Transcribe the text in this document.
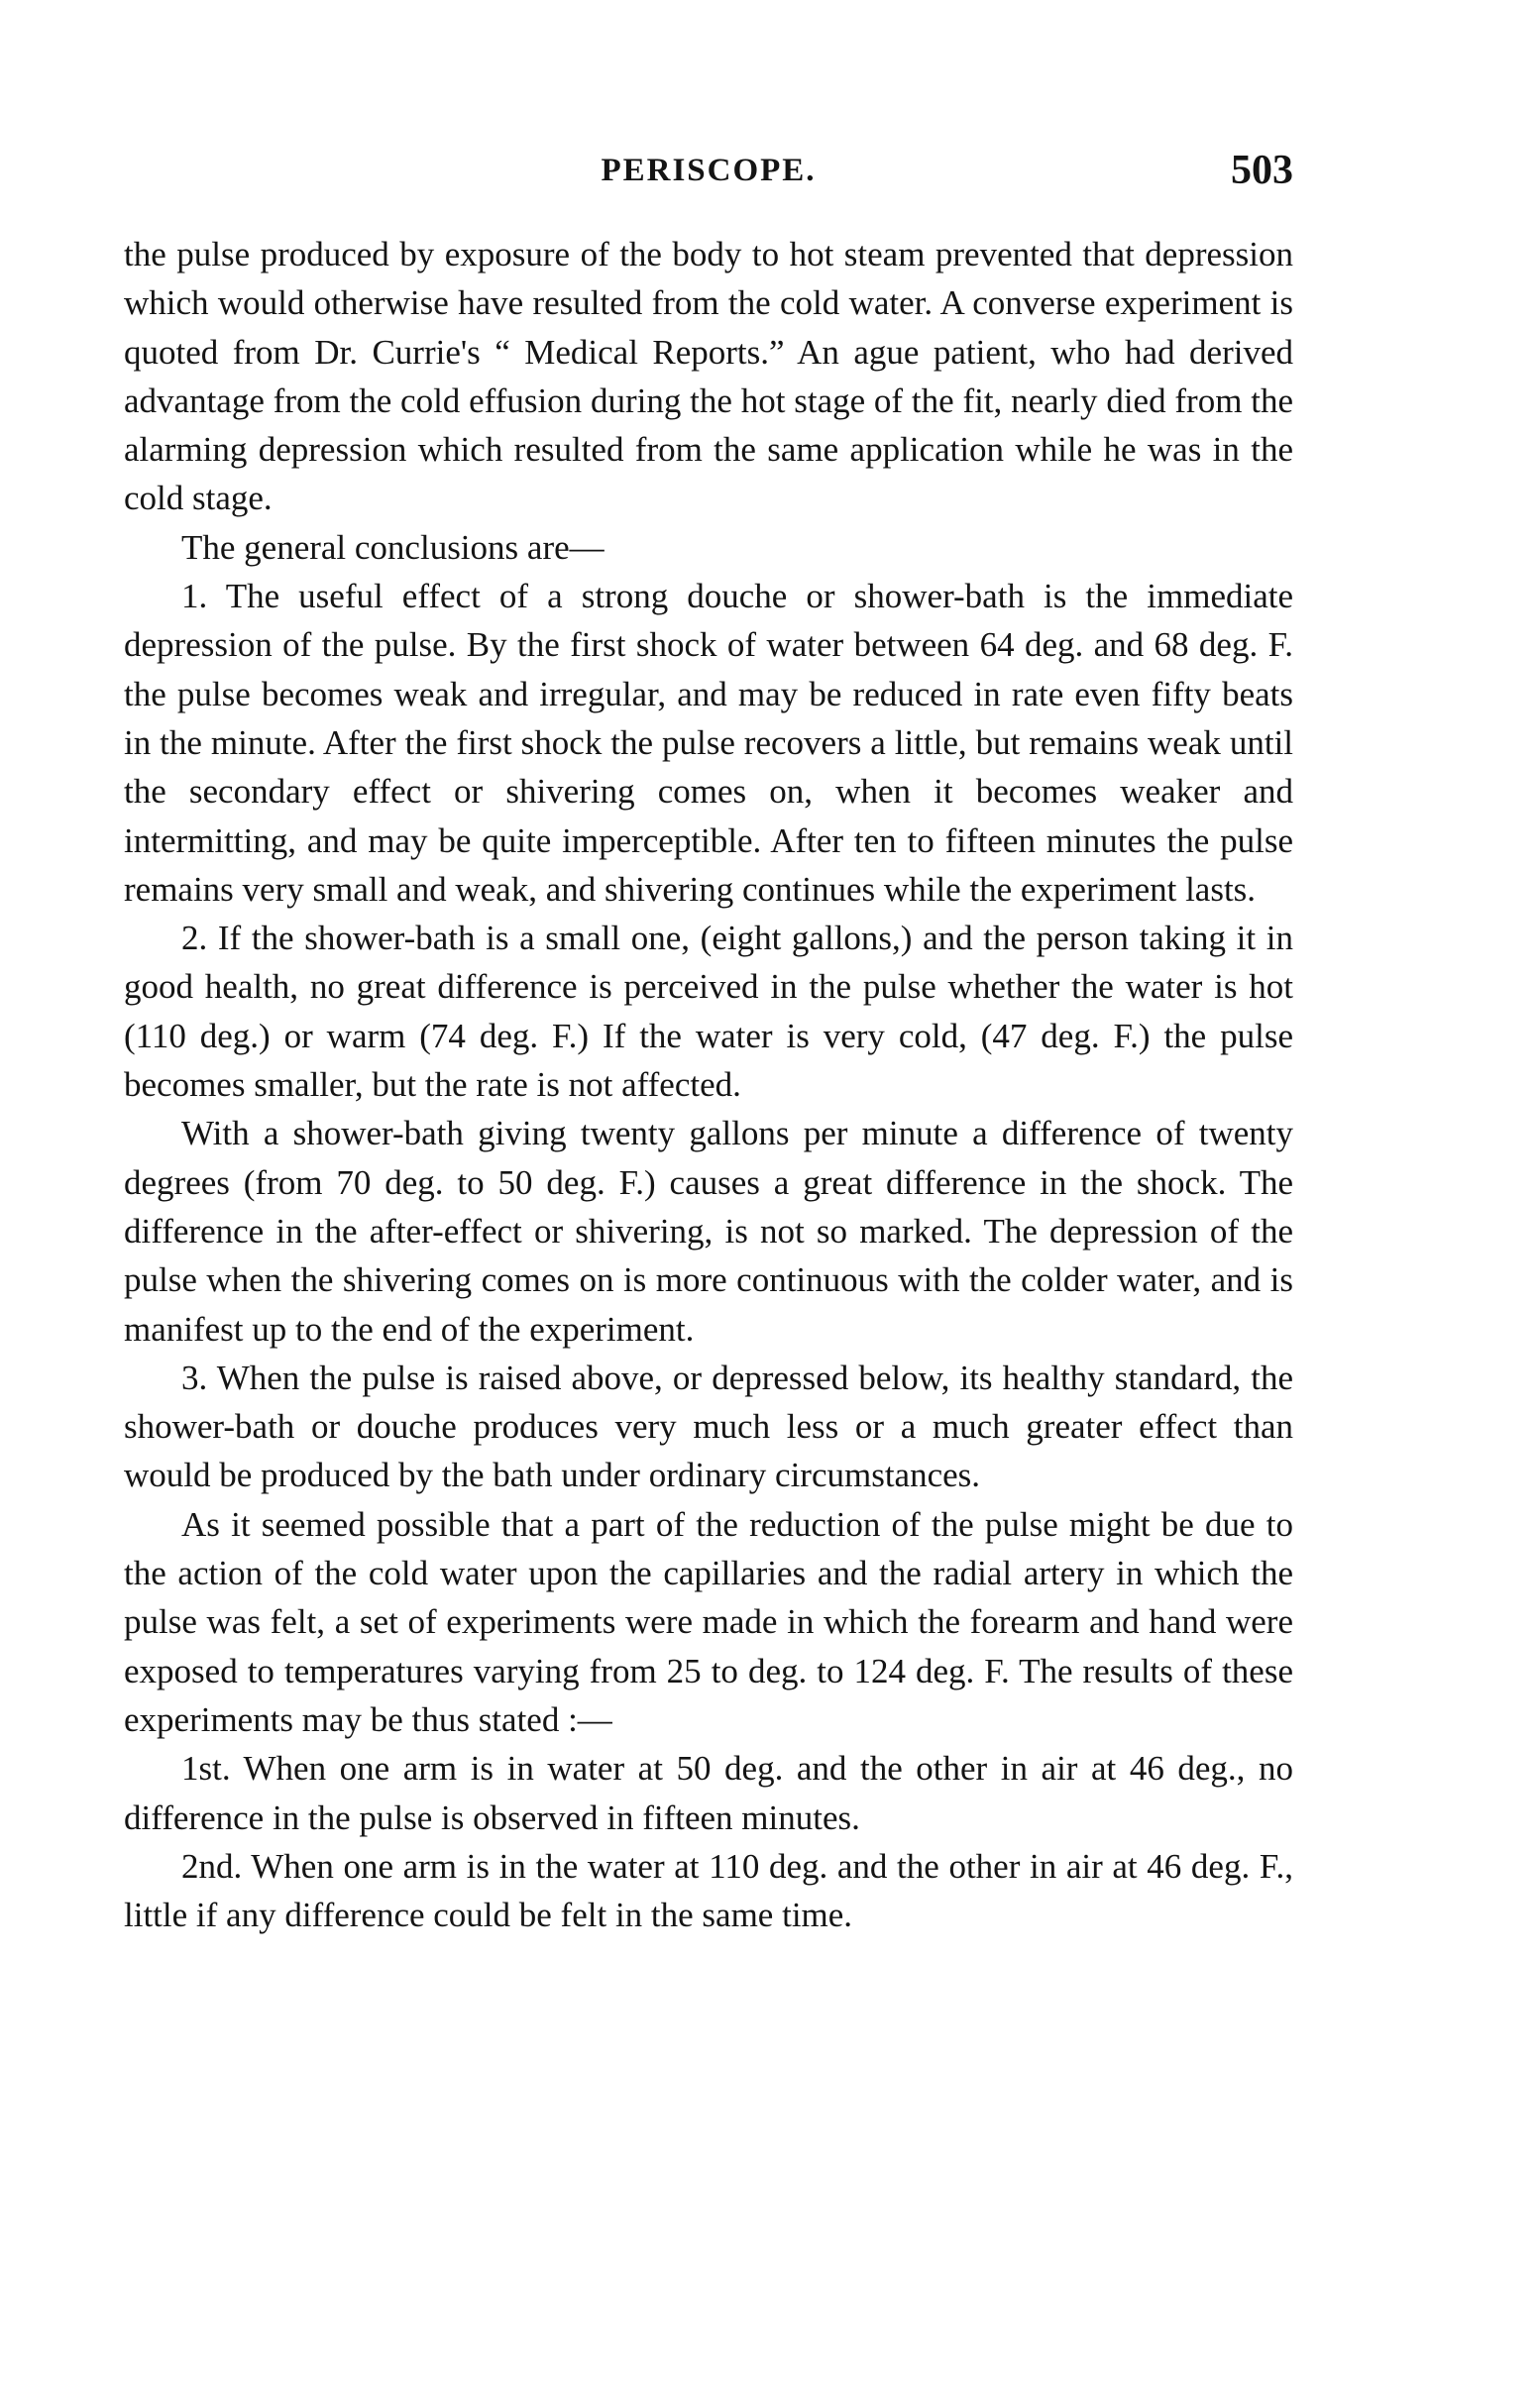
PERISCOPE.	503

the pulse produced by exposure of the body to hot steam prevented that depression which would otherwise have resulted from the cold water. A converse experiment is quoted from Dr. Currie's “ Medical Reports.” An ague patient, who had derived advantage from the cold effusion during the hot stage of the fit, nearly died from the alarming depression which resulted from the same application while he was in the cold stage.

The general conclusions are—

1. The useful effect of a strong douche or shower-bath is the immediate depression of the pulse. By the first shock of water between 64 deg. and 68 deg. F. the pulse becomes weak and irregular, and may be reduced in rate even fifty beats in the minute. After the first shock the pulse recovers a little, but remains weak until the secondary effect or shivering comes on, when it becomes weaker and intermitting, and may be quite imperceptible. After ten to fifteen minutes the pulse remains very small and weak, and shivering continues while the experiment lasts.

2. If the shower-bath is a small one, (eight gallons,) and the person taking it in good health, no great difference is perceived in the pulse whether the water is hot (110 deg.) or warm (74 deg. F.) If the water is very cold, (47 deg. F.) the pulse becomes smaller, but the rate is not affected.

With a shower-bath giving twenty gallons per minute a difference of twenty degrees (from 70 deg. to 50 deg. F.) causes a great difference in the shock. The difference in the after-effect or shivering, is not so marked. The depression of the pulse when the shivering comes on is more continuous with the colder water, and is manifest up to the end of the experiment.

3. When the pulse is raised above, or depressed below, its healthy standard, the shower-bath or douche produces very much less or a much greater effect than would be produced by the bath under ordinary circumstances.

As it seemed possible that a part of the reduction of the pulse might be due to the action of the cold water upon the capillaries and the radial artery in which the pulse was felt, a set of experiments were made in which the forearm and hand were exposed to temperatures varying from 25 to deg. to 124 deg. F. The results of these experiments may be thus stated :—

1st. When one arm is in water at 50 deg. and the other in air at 46 deg., no difference in the pulse is observed in fifteen minutes.

2nd. When one arm is in the water at 110 deg. and the other in air at 46 deg. F., little if any difference could be felt in the same time.
